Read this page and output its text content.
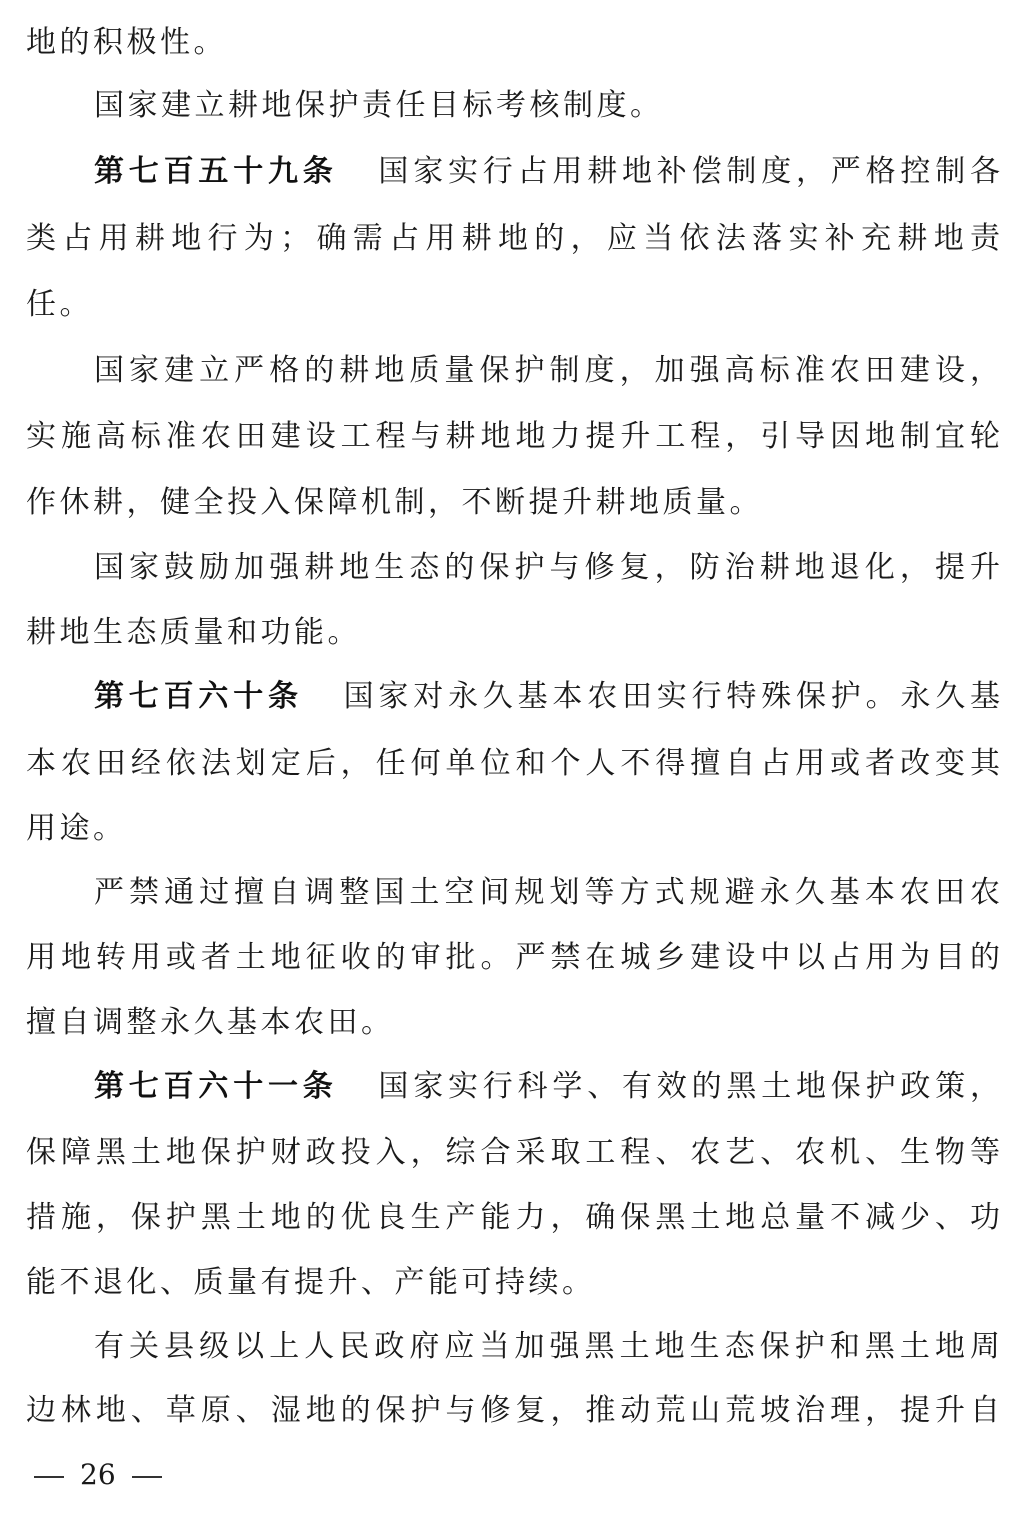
地的积极性。
国家建立耕地保护责任目标考核制度。
第七百五十九条 国家实行占用耕地补偿制度，严格控制各
类占用耕地行为；确需占用耕地的，应当依法落实补充耕地责
任。
国家建立严格的耕地质量保护制度，加强高标准农田建设，
实施高标准农田建设工程与耕地地力提升工程，引导因地制宜轮
作休耕，健全投入保障机制，不断提升耕地质量。
国家鼓励加强耕地生态的保护与修复，防治耕地退化，提升
耕地生态质量和功能。
第七百六十条 国家对永久基本农田实行特殊保护。永久基
本农田经依法划定后，任何单位和个人不得擅自占用或者改变其
用途。
严禁通过擅自调整国土空间规划等方式规避永久基本农田农
用地转用或者土地征收的审批。严禁在城乡建设中以占用为目的
擅自调整永久基本农田。
第七百六十一条 国家实行科学、有效的黑土地保护政策，
保障黑土地保护财政投入，综合采取工程、农艺、农机、生物等
措施，保护黑土地的优良生产能力，确保黑土地总量不减少、功
能不退化、质量有提升、产能可持续。
有关县级以上人民政府应当加强黑土地生态保护和黑土地周
边林地、草原、湿地的保护与修复，推动荒山荒坡治理，提升自
26
